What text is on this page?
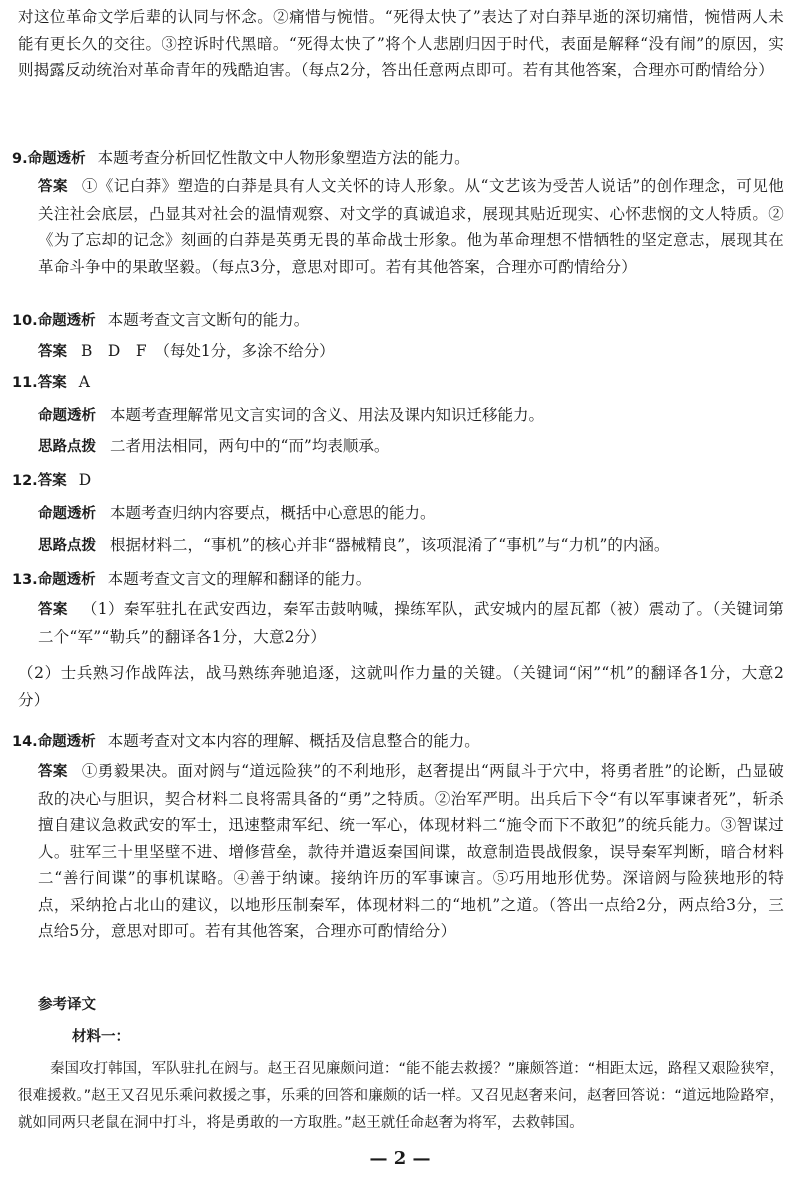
对这位革命文学后辈的认同与怀念。②痛惜与惋惜。“死得太快了”表达了对白莽早逝的深切痛惜，惋惜两人未能有更长久的交往。③控诉时代黑暗。“死得太快了”将个人悲剧归因于时代，表面是解释“没有闹”的原因，实则揭露反动统治对革命青年的残酷迫害。（每点2分，答出任意两点即可。若有其他答案，合理亦可酌情给分）
9.命题透析 本题考查分析回忆性散文中人物形象塑造方法的能力。
答案 ①《记白莽》塑造的白莽是具有人文关怀的诗人形象。从“文艺该为受苦人说话”的创作理念，可见他关注社会底层，凸显其对社会的温情观察、对文学的真诚追求，展现其贴近现实、心怀悲悯的文人特质。②《为了忘却的记念》刻画的白莽是英勇无畏的革命战士形象。他为革命理想不惜牺牲的坚定意志，展现其在革命斗争中的果敢坚毅。（每点3分，意思对即可。若有其他答案，合理亦可酌情给分）
10.命题透析 本题考查文言文断句的能力。
答案 B　D　F　（每处1分，多涂不给分）
11.答案 A
命题透析 本题考查理解常见文言实词的含义、用法及课内知识迁移能力。
思路点拨 二者用法相同，两句中的“而”均表顺承。
12.答案 D
命题透析 本题考查归纳内容要点，概括中心意思的能力。
思路点拨 根据材料二，“事机”的核心并非“器械精良”，该项混淆了“事机”与“力机”的内涵。
13.命题透析 本题考查文言文的理解和翻译的能力。
答案 （1）秦军驻扎在武安西边，秦军击鼓呐喊，操练军队，武安城内的屋瓦都（被）震动了。（关键词第二个“军”“勒兵”的翻译各1分，大意2分）
（2）士兵熟习作战阵法，战马熟练奔驰追逐，这就叫作力量的关键。（关键词“闲”“机”的翻译各1分，大意2分）
14.命题透析 本题考查对文本内容的理解、概括及信息整合的能力。
答案 ①勇毅果决。面对阏与“道远险狭”的不利地形，赵奢提出“两鼠斗于穴中，将勇者胜”的论断，凸显破敌的决心与胆识，契合材料二良将需具备的“勇”之特质。②治军严明。出兵后下令“有以军事谏者死”，斩杀擅自建议急救武安的军士，迅速整肃军纪、统一军心，体现材料二“施令而下不敢犯”的统兵能力。③智谋过人。驻军三十里坚壁不进、增修营垒，款待并遣返秦国间谍，故意制造畏战假象，误导秦军判断，暗合材料二“善行间谍”的事机谋略。④善于纳谏。接纳许历的军事谏言。⑤巧用地形优势。深谙阏与险狭地形的特点，采纳抢占北山的建议，以地形压制秦军，体现材料二的“地机”之道。（答出一点给2分，两点给3分，三点给5分，意思对即可。若有其他答案，合理亦可酌情给分）
参考译文
材料一：
秦国攻打韩国，军队驻扎在阏与。赵王召见廉颇问道：“能不能去救援？”廉颇答道：“相距太远，路程又艰险狭窄，很难援救。”赵王又召见乐乘问救援之事，乐乘的回答和廉颇的话一样。又召见赵奢来问，赵奢回答说：“道远地险路窄，就如同两只老鼠在洞中打斗，将是勇敢的一方取胜。”赵王就任命赵奢为将军，去救韩国。
— 2 —
